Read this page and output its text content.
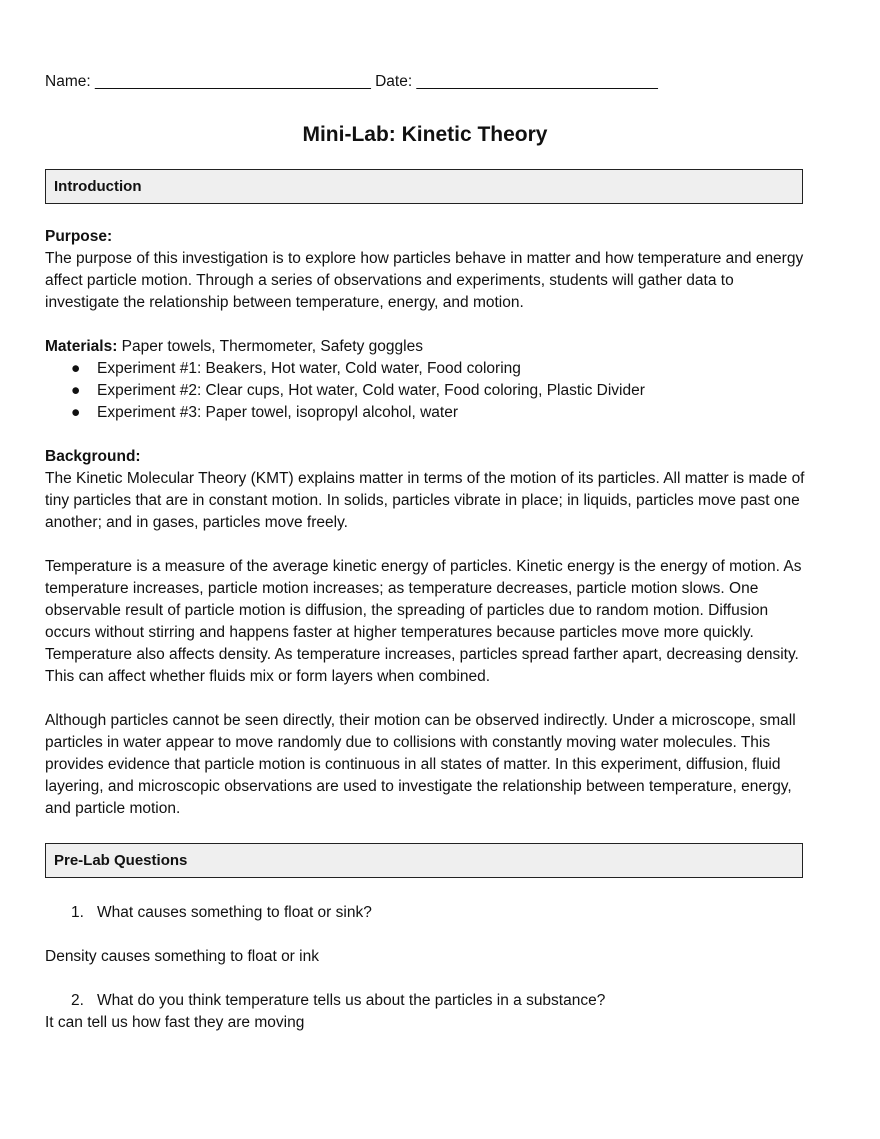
Name: ________________________________ Date: ____________________________
Mini-Lab: Kinetic Theory
Introduction

Purpose:

The purpose of this investigation is to explore how particles behave in matter and how temperature and energy affect particle motion. Through a series of observations and experiments, students will gather data to investigate the relationship between temperature, energy, and motion.

Materials: Paper towels, Thermometer, Safety goggles

● Experiment #1: Beakers, Hot water, Cold water, Food coloring
● Experiment #2: Clear cups, Hot water, Cold water, Food coloring, Plastic Divider
● Experiment #3: Paper towel, isopropyl alcohol, water

Background:

The Kinetic Molecular Theory (KMT) explains matter in terms of the motion of its particles. All matter is made of tiny particles that are in constant motion. In solids, particles vibrate in place; in liquids, particles move past one another; and in gases, particles move freely.

Temperature is a measure of the average kinetic energy of particles. Kinetic energy is the energy of motion. As temperature increases, particle motion increases; as temperature decreases, particle motion slows. One observable result of particle motion is diffusion, the spreading of particles due to random motion. Diffusion occurs without stirring and happens faster at higher temperatures because particles move more quickly. Temperature also affects density. As temperature increases, particles spread farther apart, decreasing density. This can affect whether fluids mix or form layers when combined.

Although particles cannot be seen directly, their motion can be observed indirectly. Under a microscope, small particles in water appear to move randomly due to collisions with constantly moving water molecules. This provides evidence that particle motion is continuous in all states of matter. In this experiment, diffusion, fluid layering, and microscopic observations are used to investigate the relationship between temperature, energy, and particle motion.

Pre-Lab Questions
1. What causes something to float or sink?

Density causes something to float or ink

2. What do you think temperature tells us about the particles in a substance?

It can tell us how fast they are moving
